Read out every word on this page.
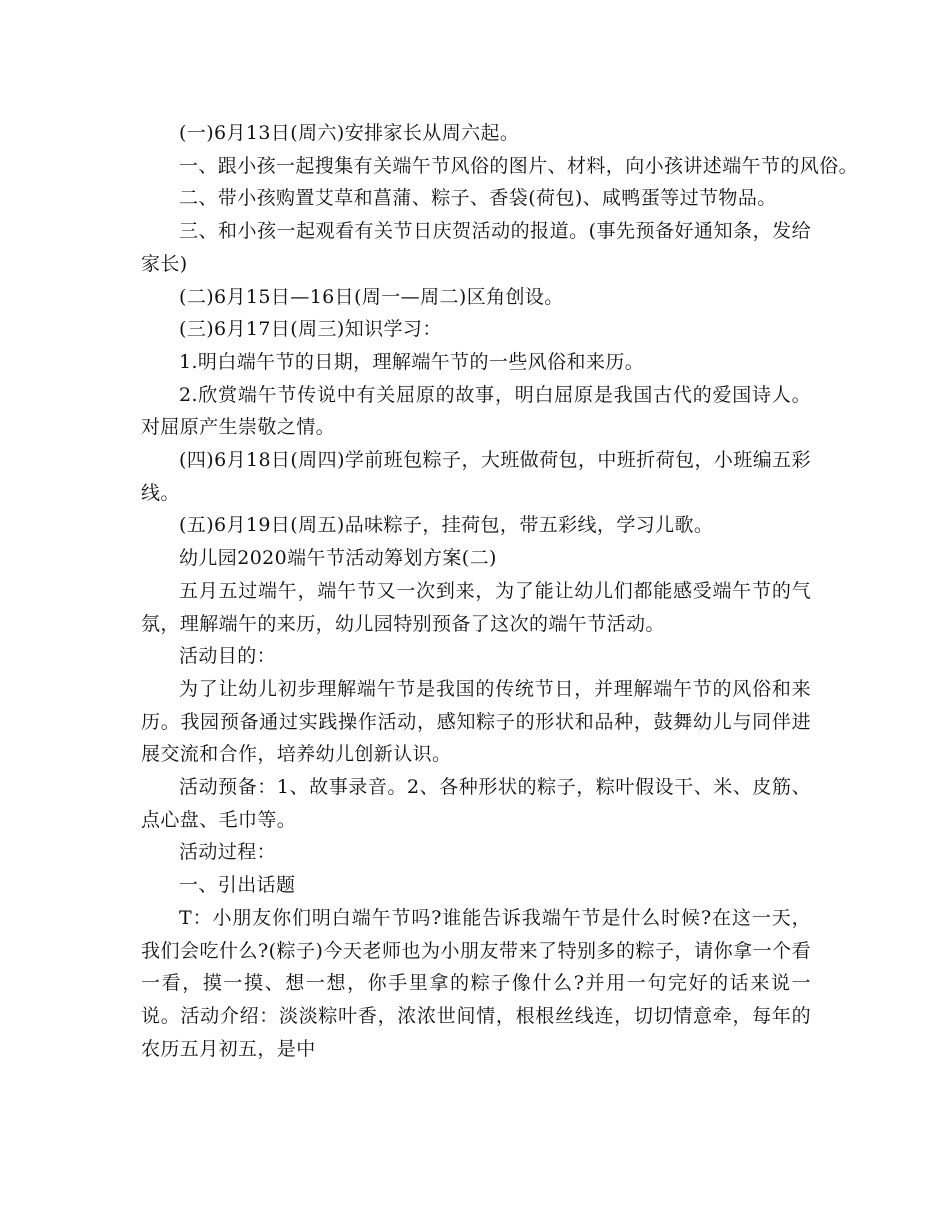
(一)6月13日(周六)安排家长从周六起。

一、跟小孩一起搜集有关端午节风俗的图片、材料，向小孩讲述端午节的风俗。

二、带小孩购置艾草和菖蒲、粽子、香袋(荷包)、咸鸭蛋等过节物品。

三、和小孩一起观看有关节日庆贺活动的报道。(事先预备好通知条，发给家长)

(二)6月15日—16日(周一—周二)区角创设。

(三)6月17日(周三)知识学习：

1.明白端午节的日期，理解端午节的一些风俗和来历。

2.欣赏端午节传说中有关屈原的故事，明白屈原是我国古代的爱国诗人。对屈原产生崇敬之情。

(四)6月18日(周四)学前班包粽子，大班做荷包，中班折荷包，小班编五彩线。

(五)6月19日(周五)品味粽子，挂荷包，带五彩线，学习儿歌。

幼儿园2020端午节活动筹划方案(二)

五月五过端午，端午节又一次到来，为了能让幼儿们都能感受端午节的气氛，理解端午的来历，幼儿园特别预备了这次的端午节活动。

活动目的：

为了让幼儿初步理解端午节是我国的传统节日，并理解端午节的风俗和来历。我园预备通过实践操作活动，感知粽子的形状和品种，鼓舞幼儿与同伴进展交流和合作，培养幼儿创新认识。

活动预备：1、故事录音。2、各种形状的粽子，粽叶假设干、米、皮筋、点心盘、毛巾等。

活动过程：

一、引出话题

T：小朋友你们明白端午节吗?谁能告诉我端午节是什么时候?在这一天，我们会吃什么?(粽子)今天老师也为小朋友带来了特别多的粽子，请你拿一个看一看，摸一摸、想一想，你手里拿的粽子像什么?并用一句完好的话来说一说。活动介绍：淡淡粽叶香，浓浓世间情，根根丝线连，切切情意牵，每年的农历五月初五，是中
